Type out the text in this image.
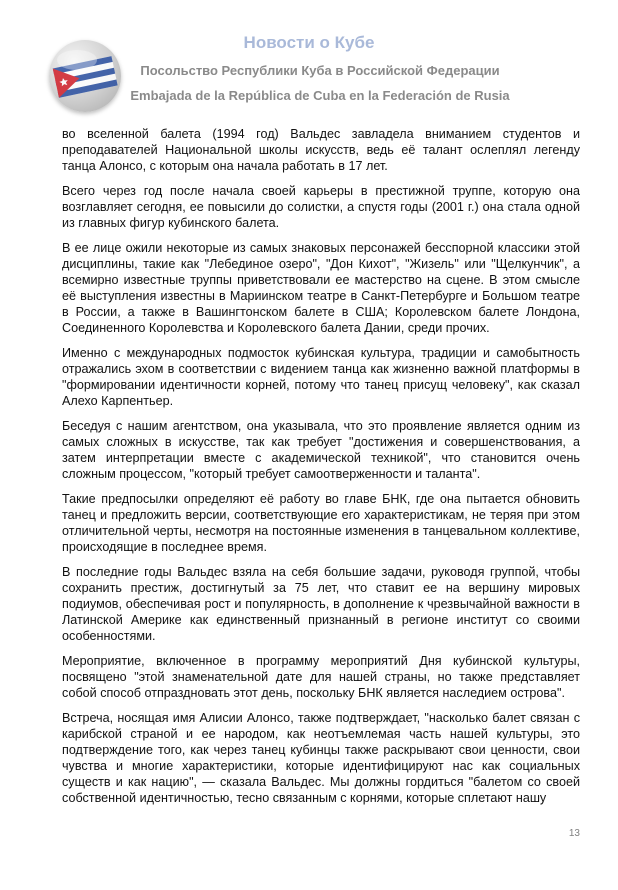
Новости о Кубе
Посольство Республики Куба в Российской Федерации
Embajada de la República de Cuba en la Federación de Rusia

во вселенной балета (1994 год) Вальдес завладела вниманием студентов и преподавателей Национальной школы искусств, ведь её талант ослеплял легенду танца Алонсо, с которым она начала работать в 17 лет.

Всего через год после начала своей карьеры в престижной труппе, которую она возглавляет сегодня, ее повысили до солистки, а спустя годы (2001 г.) она стала одной из главных фигур кубинского балета.

В ее лице ожили некоторые из самых знаковых персонажей бесспорной классики этой дисциплины, такие как "Лебединое озеро", "Дон Кихот", "Жизель" или "Щелкунчик", а всемирно известные труппы приветствовали ее мастерство на сцене. В этом смысле её выступления известны в Мариинском театре в Санкт-Петербурге и Большом театре в России, а также в Вашингтонском балете в США; Королевском балете Лондона, Соединенного Королевства и Королевского балета Дании, среди прочих.

Именно с международных подмосток кубинская культура, традиции и самобытность отражались эхом в соответствии с видением танца как жизненно важной платформы в "формировании идентичности корней, потому что танец присущ человеку", как сказал Алехо Карпентьер.

Беседуя с нашим агентством, она указывала, что это проявление является одним из самых сложных в искусстве, так как требует "достижения и совершенствования, а затем интерпретации вместе с академической техникой", что становится очень сложным процессом, "который требует самоотверженности и таланта".

Такие предпосылки определяют её работу во главе БНК, где она пытается обновить танец и предложить версии, соответствующие его характеристикам, не теряя при этом отличительной черты, несмотря на постоянные изменения в танцевальном коллективе, происходящие в последнее время.

В последние годы Вальдес взяла на себя большие задачи, руководя группой, чтобы сохранить престиж, достигнутый за 75 лет, что ставит ее на вершину мировых подиумов, обеспечивая рост и популярность, в дополнение к чрезвычайной важности в Латинской Америке как единственный признанный в регионе институт со своими особенностями.

Мероприятие, включенное в программу мероприятий Дня кубинской культуры, посвящено "этой знаменательной дате для нашей страны, но также представляет собой способ отпраздновать этот день, поскольку БНК является наследием острова".

Встреча, носящая имя Алисии Алонсо, также подтверждает, "насколько балет связан с карибской страной и ее народом, как неотъемлемая часть нашей культуры, это подтверждение того, как через танец кубинцы также раскрывают свои ценности, свои чувства и многие характеристики, которые идентифицируют нас как социальных существ и как нацию", — сказала Вальдес. Мы должны гордиться "балетом со своей собственной идентичностью, тесно связанным с корнями, которые сплетают нашу

13
